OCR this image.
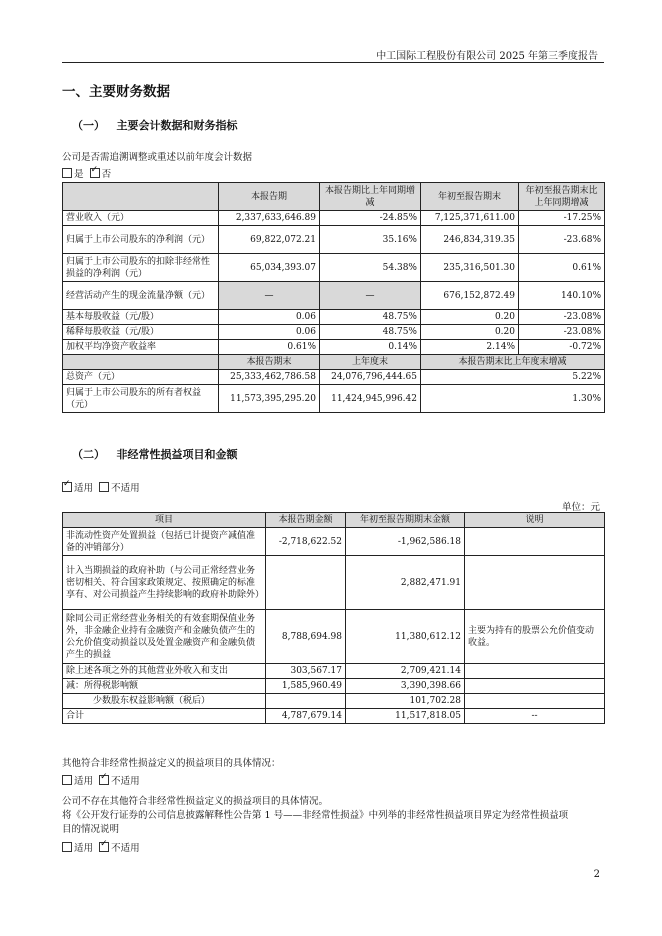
中工国际工程股份有限公司 2025 年第三季度报告
一、主要财务数据
（一） 主要会计数据和财务指标
公司是否需追溯调整或重述以前年度会计数据
是 ✓ 否
	本报告期	本报告期比上年同期增减	年初至报告期末	年初至报告期末比上年同期增减
营业收入（元）	2,337,633,646.89	-24.85%	7,125,371,611.00	-17.25%
归属于上市公司股东的净利润（元）	69,822,072.21	35.16%	246,834,319.35	-23.68%
归属于上市公司股东的扣除非经常性损益的净利润（元）	65,034,393.07	54.38%	235,316,501.30	0.61%
经营活动产生的现金流量净额（元）	—	—	676,152,872.49	140.10%
基本每股收益（元/股）	0.06	48.75%	0.20	-23.08%
稀释每股收益（元/股）	0.06	48.75%	0.20	-23.08%
加权平均净资产收益率	0.61%	0.14%	2.14%	-0.72%
	本报告期末	上年度末	本报告期末比上年度末增减	
总资产（元）	25,333,462,786.58	24,076,796,444.65	5.22%	
归属于上市公司股东的所有者权益（元）	11,573,395,295.20	11,424,945,996.42	1.30%	
（二） 非经常性损益项目和金额
✓适用 不适用
单位：元
项目	本报告期金额	年初至报告期期末金额	说明
非流动性资产处置损益（包括已计提资产减值准备的冲销部分）	-2,718,622.52	-1,962,586.18	
计入当期损益的政府补助（与公司正常经营业务密切相关、符合国家政策规定、按照确定的标准享有、对公司损益产生持续影响的政府补助除外）		2,882,471.91	
除同公司正常经营业务相关的有效套期保值业务外，非金融企业持有金融资产和金融负债产生的公允价值变动损益以及处置金融资产和金融负债产生的损益	8,788,694.98	11,380,612.12	主要为持有的股票公允价值变动收益。
除上述各项之外的其他营业外收入和支出	303,567.17	2,709,421.14	
减：所得税影响额	1,585,960.49	3,390,398.66	
少数股东权益影响额（税后）		101,702.28	
合计	4,787,679.14	11,517,818.05	--
其他符合非经常性损益定义的损益项目的具体情况：
适用 ✓ 不适用
公司不存在其他符合非经常性损益定义的损益项目的具体情况。
将《公开发行证券的公司信息披露解释性公告第 1 号——非经常性损益》中列举的非经常性损益项目界定为经常性损益项
目的情况说明
适用 ✓ 不适用
2
